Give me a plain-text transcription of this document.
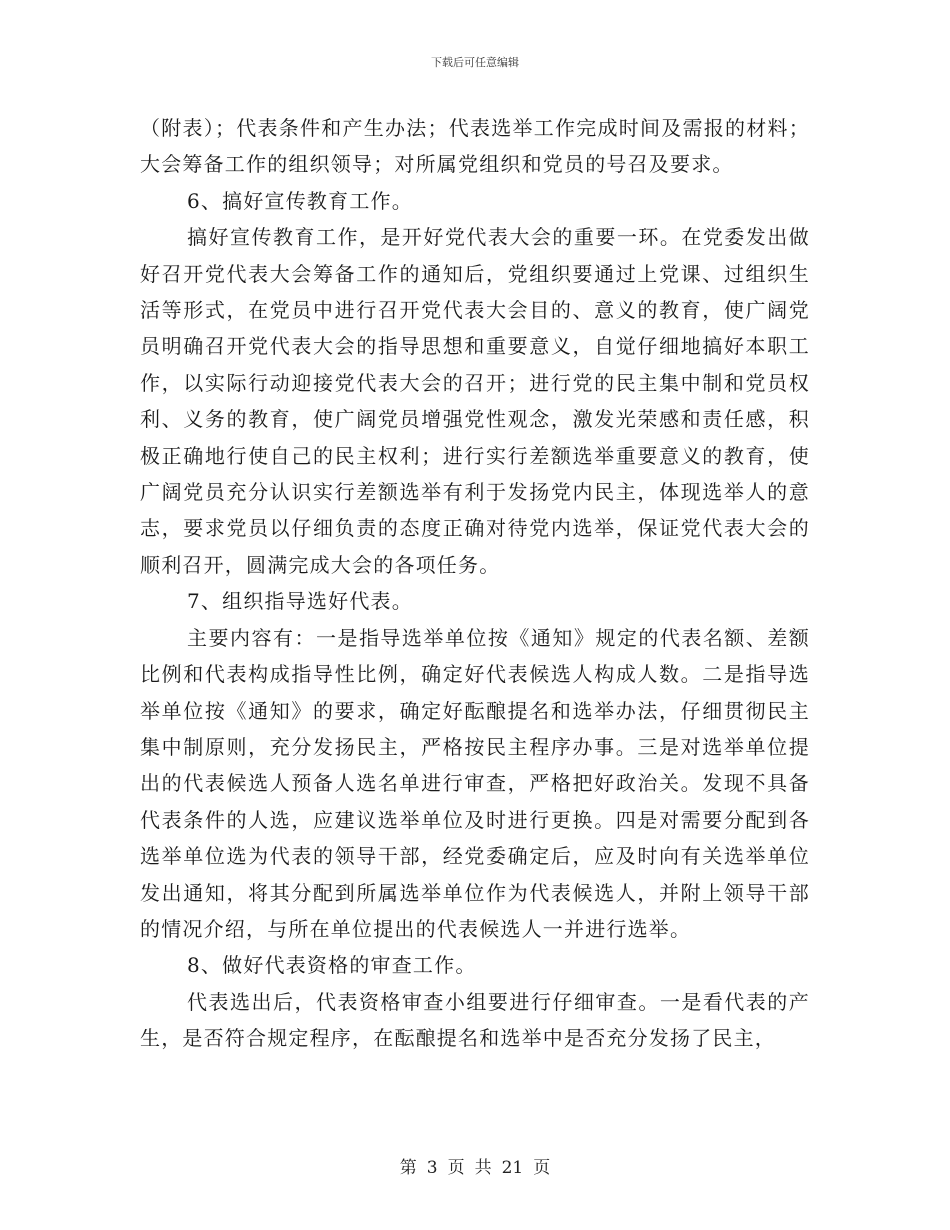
下载后可任意编辑

（附表）；代表条件和产生办法；代表选举工作完成时间及需报的材料；大会筹备工作的组织领导；对所属党组织和党员的号召及要求。

6、搞好宣传教育工作。

搞好宣传教育工作，是开好党代表大会的重要一环。在党委发出做好召开党代表大会筹备工作的通知后，党组织要通过上党课、过组织生活等形式，在党员中进行召开党代表大会目的、意义的教育，使广阔党员明确召开党代表大会的指导思想和重要意义，自觉仔细地搞好本职工作，以实际行动迎接党代表大会的召开；进行党的民主集中制和党员权利、义务的教育，使广阔党员增强党性观念，激发光荣感和责任感，积极正确地行使自己的民主权利；进行实行差额选举重要意义的教育，使广阔党员充分认识实行差额选举有利于发扬党内民主，体现选举人的意志，要求党员以仔细负责的态度正确对待党内选举，保证党代表大会的顺利召开，圆满完成大会的各项任务。

7、组织指导选好代表。

主要内容有：一是指导选举单位按《通知》规定的代表名额、差额比例和代表构成指导性比例，确定好代表候选人构成人数。二是指导选举单位按《通知》的要求，确定好酝酿提名和选举办法，仔细贯彻民主集中制原则，充分发扬民主，严格按民主程序办事。三是对选举单位提出的代表候选人预备人选名单进行审查，严格把好政治关。发现不具备代表条件的人选，应建议选举单位及时进行更换。四是对需要分配到各选举单位选为代表的领导干部，经党委确定后，应及时向有关选举单位发出通知，将其分配到所属选举单位作为代表候选人，并附上领导干部的情况介绍，与所在单位提出的代表候选人一并进行选举。

8、做好代表资格的审查工作。

代表选出后，代表资格审查小组要进行仔细审查。一是看代表的产生，是否符合规定程序，在酝酿提名和选举中是否充分发扬了民主，

第 3 页 共 21 页
